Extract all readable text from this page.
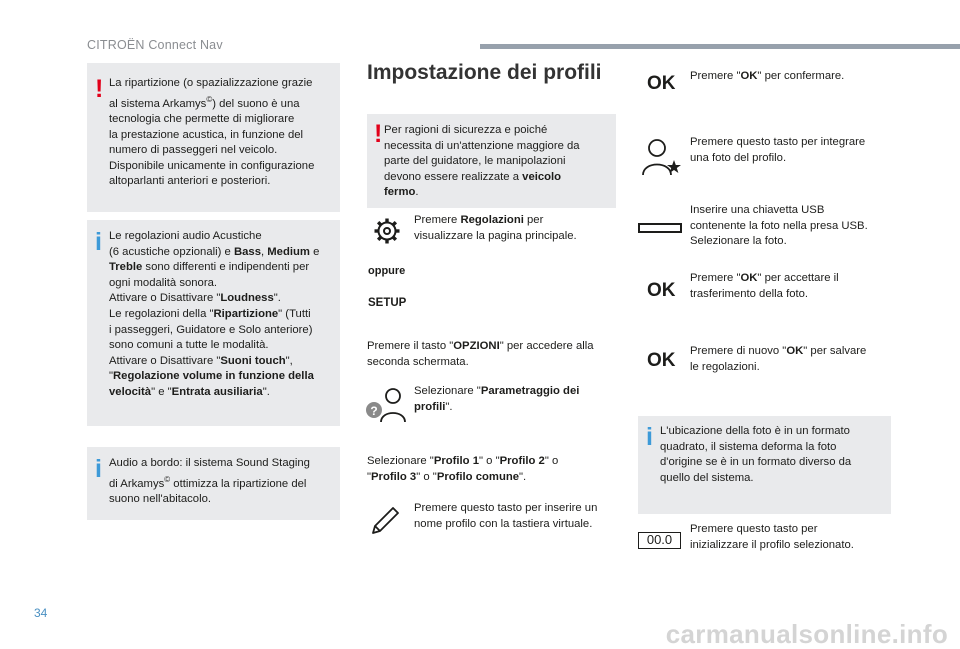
CITROËN Connect Nav
! La ripartizione (o spazializzazione grazie
al sistema Arkamys©) del suono è una
tecnologia che permette di migliorare
la prestazione acustica, in funzione del
numero di passeggeri nel veicolo.
Disponibile unicamente in configurazione
altoparlanti anteriori e posteriori.
i Le regolazioni audio Acustiche
(6 acustiche opzionali) e Bass, Medium e
Treble sono differenti e indipendenti per
ogni modalità sonora.
Attivare o Disattivare "Loudness".
Le regolazioni della "Ripartizione" (Tutti
i passeggeri, Guidatore e Solo anteriore)
sono comuni a tutte le modalità.
Attivare o Disattivare "Suoni touch",
"Regolazione volume in funzione della
velocità" e "Entrata ausiliaria".
i Audio a bordo: il sistema Sound Staging
di Arkamys© ottimizza la ripartizione del
suono nell'abitacolo.
Impostazione dei profili
! Per ragioni di sicurezza e poiché
necessita di un'attenzione maggiore da
parte del guidatore, le manipolazioni
devono essere realizzate a veicolo
fermo.
Premere Regolazioni per
visualizzare la pagina principale.
oppure
SETUP
Premere il tasto "OPZIONI" per accedere alla
seconda schermata.
?
Selezionare "Parametraggio dei
profili".
Selezionare "Profilo 1" o "Profilo 2" o
"Profilo 3" o "Profilo comune".
Premere questo tasto per inserire un
nome profilo con la tastiera virtuale.
OK Premere "OK" per confermare.
Premere questo tasto per integrare
una foto del profilo.
Inserire una chiavetta USB
contenente la foto nella presa USB.
Selezionare la foto.
OK
Premere "OK" per accettare il
trasferimento della foto.
OK Premere di nuovo "OK" per salvare
le regolazioni.
i L'ubicazione della foto è in un formato
quadrato, il sistema deforma la foto
d'origine se è in un formato diverso da
quello del sistema.
00.0
Premere questo tasto per
inizializzare il profilo selezionato.
34
carmanualsonline.info
